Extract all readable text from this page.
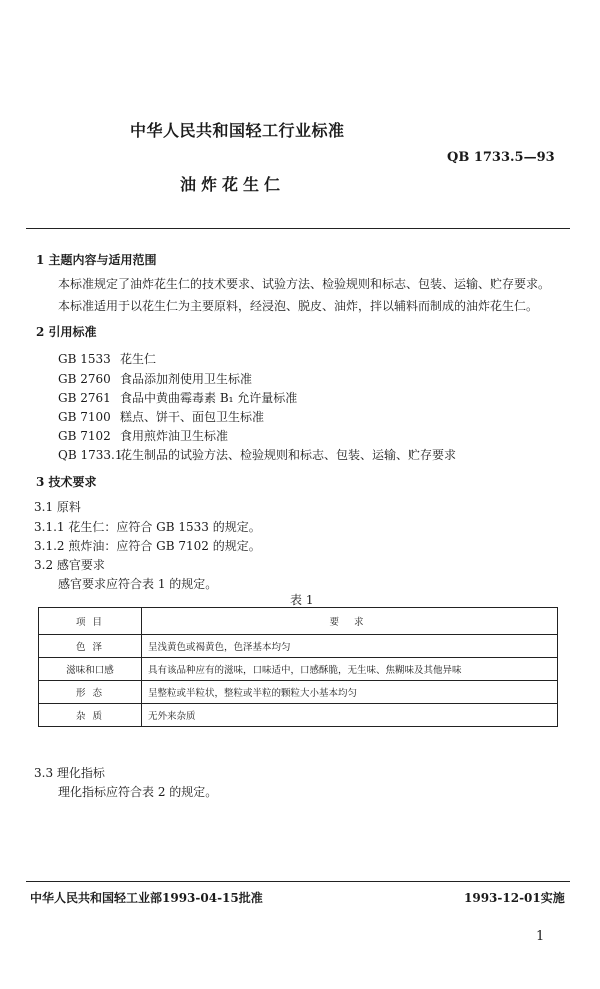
中华人民共和国轻工行业标准
QB 1733.5—93
油炸花生仁
1 主题内容与适用范围
本标准规定了油炸花生仁的技术要求、试验方法、检验规则和标志、包装、运输、贮存要求。
本标准适用于以花生仁为主要原料，经浸泡、脱皮、油炸，拌以辅料而制成的油炸花生仁。
2 引用标准
GB 1533 花生仁
GB 2760 食品添加剂使用卫生标准
GB 2761 食品中黄曲霉毒素 B₁ 允许量标准
GB 7100 糕点、饼干、面包卫生标准
GB 7102 食用煎炸油卫生标准
QB 1733.1花生制品的试验方法、检验规则和标志、包装、运输、贮存要求
3 技术要求
3.1 原料
3.1.1 花生仁：应符合 GB 1533 的规定。
3.1.2 煎炸油：应符合 GB 7102 的规定。
3.2 感官要求
感官要求应符合表 1 的规定。
表 1
项 目	要 求
色 泽	呈浅黄色或褐黄色，色泽基本均匀
滋味和口感	具有该品种应有的滋味，口味适中，口感酥脆，无生味、焦糊味及其他异味
形 态	呈整粒或半粒状，整粒或半粒的颗粒大小基本均匀
杂 质	无外来杂质
3.3 理化指标
理化指标应符合表 2 的规定。
中华人民共和国轻工业部1993-04-15批准	1993-12-01实施
1
